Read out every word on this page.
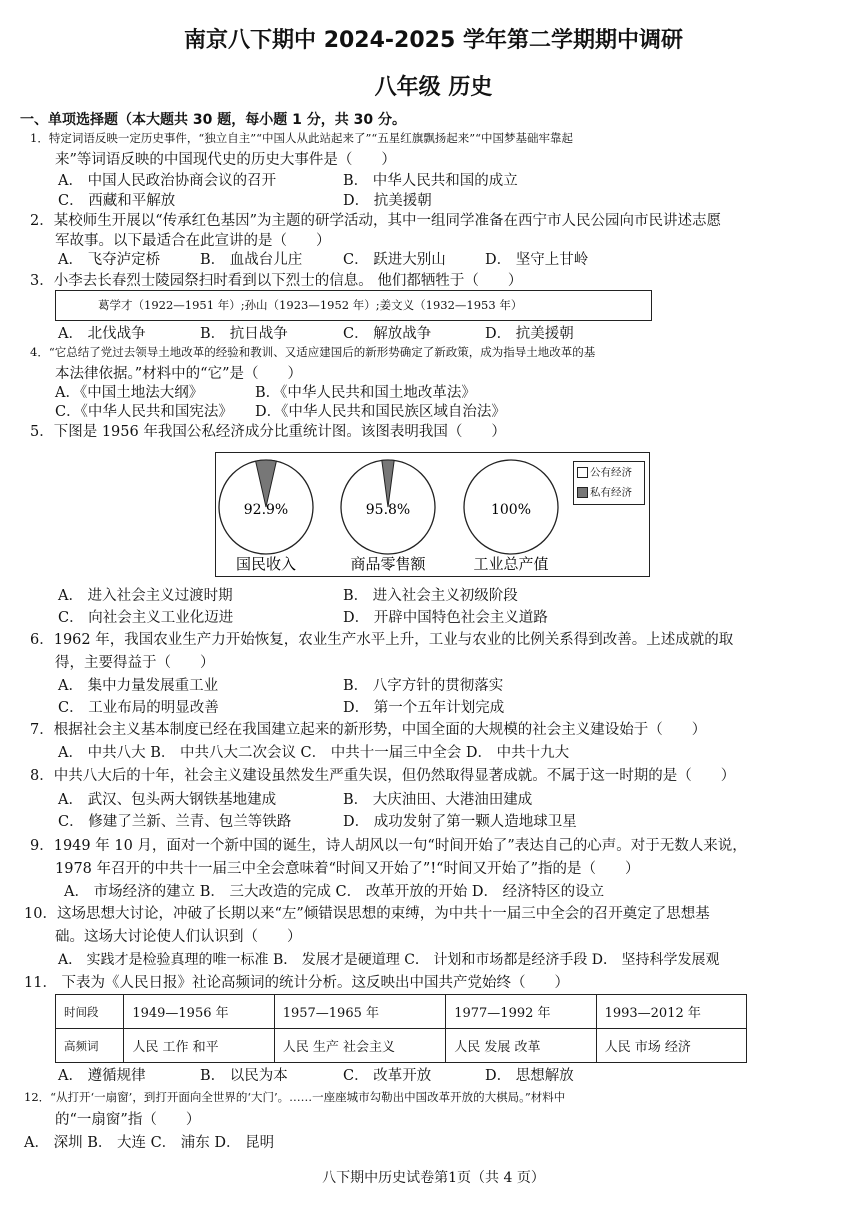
南京八下期中 2024-2025 学年第二学期期中调研
八年级 历史
一、单项选择题（本大题共 30 题，每小题 1 分，共 30 分。
1．特定词语反映一定历史事件，“独立自主”“中国人从此站起来了”“五星红旗飘扬起来”“中国梦基础牢靠起
来”等词语反映的中国现代史的历史大事件是（　　）
A． 中国人民政治协商会议的召开	B． 中华人民共和国的成立
C． 西藏和平解放	D． 抗美援朝
2．某校师生开展以“传承红色基因”为主题的研学活动，其中一组同学准备在西宁市人民公园向市民讲述志愿
军故事。以下最适合在此宣讲的是（　　）
A． 飞夺泸定桥	B． 血战台儿庄	C． 跃进大别山	D． 坚守上甘岭
3．小李去长春烈士陵园祭扫时看到以下烈士的信息。 他们都牺牲于（　　）
葛学才（1922—1951 年）;孙山（1923—1952 年）;姜文义（1932—1953 年）
A． 北伐战争	B． 抗日战争	C． 解放战争	D． 抗美援朝
4．“它总结了党过去领导土地改革的经验和教训、又适应建国后的新形势确定了新政策，成为指导土地改革的基
本法律依据。”材料中的“它”是（　　）
A．《中国土地法大纲》	B．《中华人民共和国土地改革法》
C．《中华人民共和国宪法》 D．《中华人民共和国民族区域自治法》
5．下图是 1956 年我国公私经济成分比重统计图。该图表明我国（　　）
92.9%
国民收入
95.8%
商品零售额
100%
工业总产值
公有经济
私有经济
A． 进入社会主义过渡时期	B． 进入社会主义初级阶段
C． 向社会主义工业化迈进	D． 开辟中国特色社会主义道路
6．1962 年，我国农业生产力开始恢复，农业生产水平上升，工业与农业的比例关系得到改善。上述成就的取
得，主要得益于（　　）
A． 集中力量发展重工业	B． 八字方针的贯彻落实
C． 工业布局的明显改善	D． 第一个五年计划完成
7．根据社会主义基本制度已经在我国建立起来的新形势，中国全面的大规模的社会主义建设始于（　　）
A． 中共八大 B． 中共八大二次会议 C． 中共十一届三中全会 D． 中共十九大
8．中共八大后的十年，社会主义建设虽然发生严重失误，但仍然取得显著成就。不属于这一时期的是（　　）
A． 武汉、包头两大钢铁基地建成	B． 大庆油田、大港油田建成
C． 修建了兰新、兰青、包兰等铁路	D． 成功发射了第一颗人造地球卫星
9．1949 年 10 月，面对一个新中国的诞生，诗人胡风以一句“时间开始了”表达自己的心声。对于无数人来说，
1978 年召开的中共十一届三中全会意味着“时间又开始了”!“时间又开始了”指的是（　　）
A． 市场经济的建立 B． 三大改造的完成 C． 改革开放的开始 D． 经济特区的设立
10．这场思想大讨论，冲破了长期以来“左”倾错误思想的束缚，为中共十一届三中全会的召开奠定了思想基
础。这场大讨论使人们认识到（　　）
A． 实践才是检验真理的唯一标准 B． 发展才是硬道理 C． 计划和市场都是经济手段 D． 坚持科学发展观
11． 下表为《人民日报》社论高频词的统计分析。这反映出中国共产党始终（　　）
时间段	1949—1956 年	1957—1965 年	1977—1992 年	1993—2012 年
高频词	人民 工作 和平	人民 生产 社会主义	人民 发展 改革	人民 市场 经济
A． 遵循规律	B． 以民为本	C． 改革开放	D． 思想解放
12．“从打开‘一扇窗’，到打开面向全世界的‘大门’。……一座座城市勾勒出中国改革开放的大棋局。”材料中
的“一扇窗”指（　　）
A． 深圳 B． 大连 C． 浦东 D． 昆明
八下期中历史试卷第1页（共 4 页）
